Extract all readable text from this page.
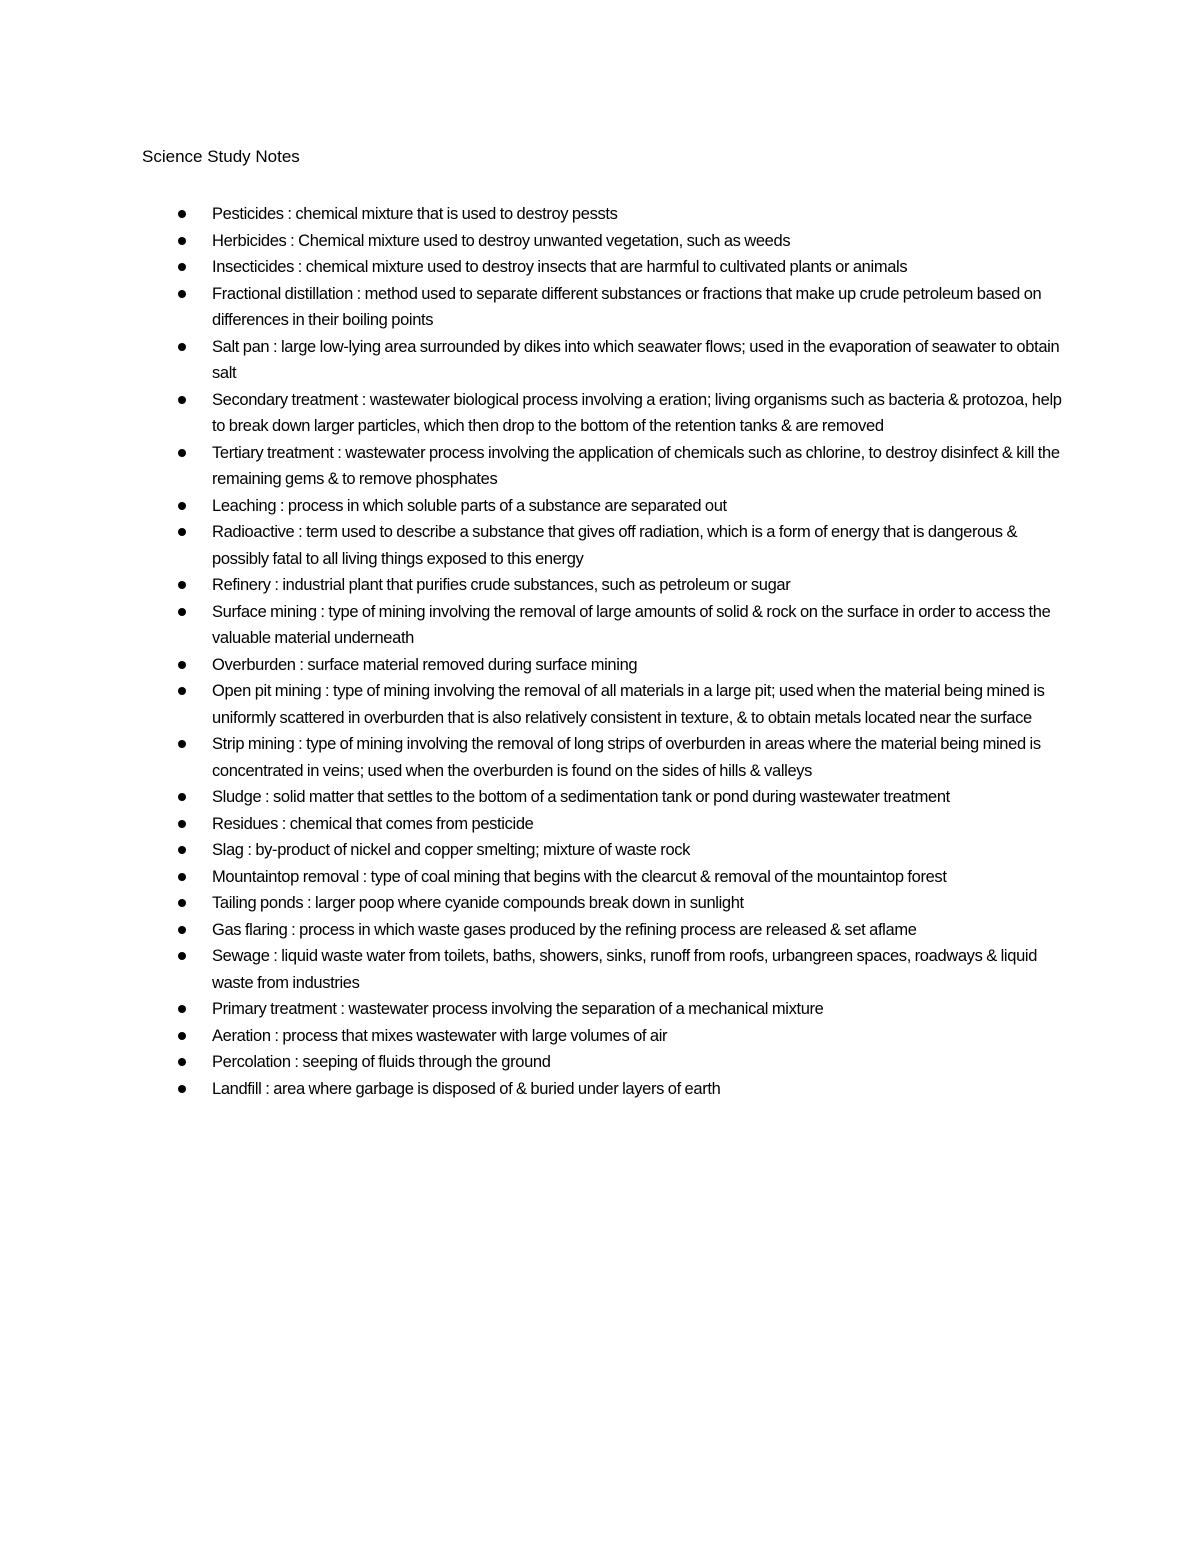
Science Study Notes
Pesticides : chemical mixture that is used to destroy pessts
Herbicides : Chemical mixture used to destroy unwanted vegetation, such as weeds
Insecticides : chemical mixture used to destroy insects that are harmful to cultivated plants or animals
Fractional distillation : method used to separate different substances or fractions that make up crude petroleum based on differences in their boiling points
Salt pan : large low-lying area surrounded by dikes into which seawater flows; used in the evaporation of seawater to obtain salt
Secondary treatment : wastewater biological process involving a eration; living organisms such as bacteria & protozoa, help to break down larger particles, which then drop to the bottom of the retention tanks & are removed
Tertiary treatment : wastewater process involving the application of chemicals such as chlorine, to destroy disinfect & kill the remaining gems & to remove phosphates
Leaching : process in which soluble parts of a substance are separated out
Radioactive : term used to describe a substance that gives off radiation, which is a form of energy that is dangerous & possibly fatal to all living things exposed to this energy
Refinery : industrial plant that purifies crude substances, such as petroleum or sugar
Surface mining : type of mining involving the removal of large amounts of solid & rock on the surface in order to access the valuable material underneath
Overburden : surface material removed during surface mining
Open pit mining : type of mining involving the removal of all materials in a large pit; used when the material being mined is uniformly scattered in overburden that is also relatively consistent in texture, & to obtain metals located near the surface
Strip mining : type of mining involving the removal of long strips of overburden in areas where the material being mined is concentrated in veins; used when the overburden is found on the sides of hills & valleys
Sludge : solid matter that settles to the bottom of a sedimentation tank or pond during wastewater treatment
Residues : chemical that comes from pesticide
Slag : by-product of nickel and copper smelting; mixture of waste rock
Mountaintop removal : type of coal mining that begins with the clearcut & removal of the mountaintop forest
Tailing ponds : larger poop where cyanide compounds break down in sunlight
Gas flaring : process in which waste gases produced by the refining process are released & set aflame
Sewage : liquid waste water from toilets, baths, showers, sinks, runoff from roofs, urbangreen spaces, roadways & liquid waste from industries
Primary treatment : wastewater process involving the separation of a mechanical mixture
Aeration : process that mixes wastewater with large volumes of air
Percolation : seeping of fluids through the ground
Landfill : area where garbage is disposed of & buried under layers of earth
